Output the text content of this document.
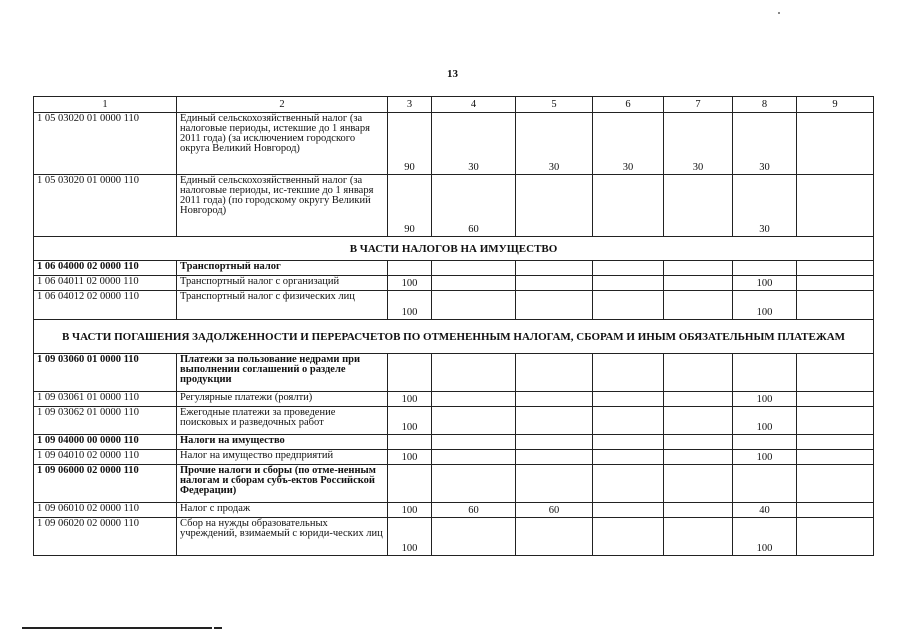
13
1	2	3	4	5	6	7	8	9
1 05 03020 01 0000 110	Единый сельскохозяйственный налог (за налоговые периоды, истекшие до 1 января 2011 года) (за исключением городского округа Великий Новгород)	90	30	30	30	30	30	
1 05 03020 01 0000 110	Единый сельскохозяйственный налог (за налоговые периоды, ис-текшие до 1 января 2011 года) (по городскому округу Великий Новгород)	90	60				30	
В ЧАСТИ НАЛОГОВ НА ИМУЩЕСТВО								
1 06 04000 02 0000 110	Транспортный налог							
1 06 04011 02 0000 110	Транспортный налог с организаций	100					100	
1 06 04012 02 0000 110	Транспортный налог с физических лиц	100					100	
В ЧАСТИ ПОГАШЕНИЯ ЗАДОЛЖЕННОСТИ И ПЕРЕРАСЧЕТОВ ПО ОТМЕНЕННЫМ НАЛОГАМ, СБОРАМ И ИНЫМ ОБЯЗАТЕЛЬНЫМ ПЛАТЕЖАМ								
1 09 03060 01 0000 110	Платежи за пользование недрами при выполнении соглашений о разделе продукции							
1 09 03061 01 0000 110	Регулярные платежи (роялти)	100					100	
1 09 03062 01 0000 110	Ежегодные платежи за проведение поисковых и разведочных работ	100					100	
1 09 04000 00 0000 110	Налоги на имущество							
1 09 04010 02 0000 110	Налог на имущество предприятий	100					100	
1 09 06000 02 0000 110	Прочие налоги и сборы (по отме-ненным налогам и сборам субъ-ектов Российской Федерации)							
1 09 06010 02 0000 110	Налог с продаж	100	60	60			40	
1 09 06020 02 0000 110	Сбор на нужды образовательных учреждений, взимаемый с юриди-ческих лиц	100					100	
